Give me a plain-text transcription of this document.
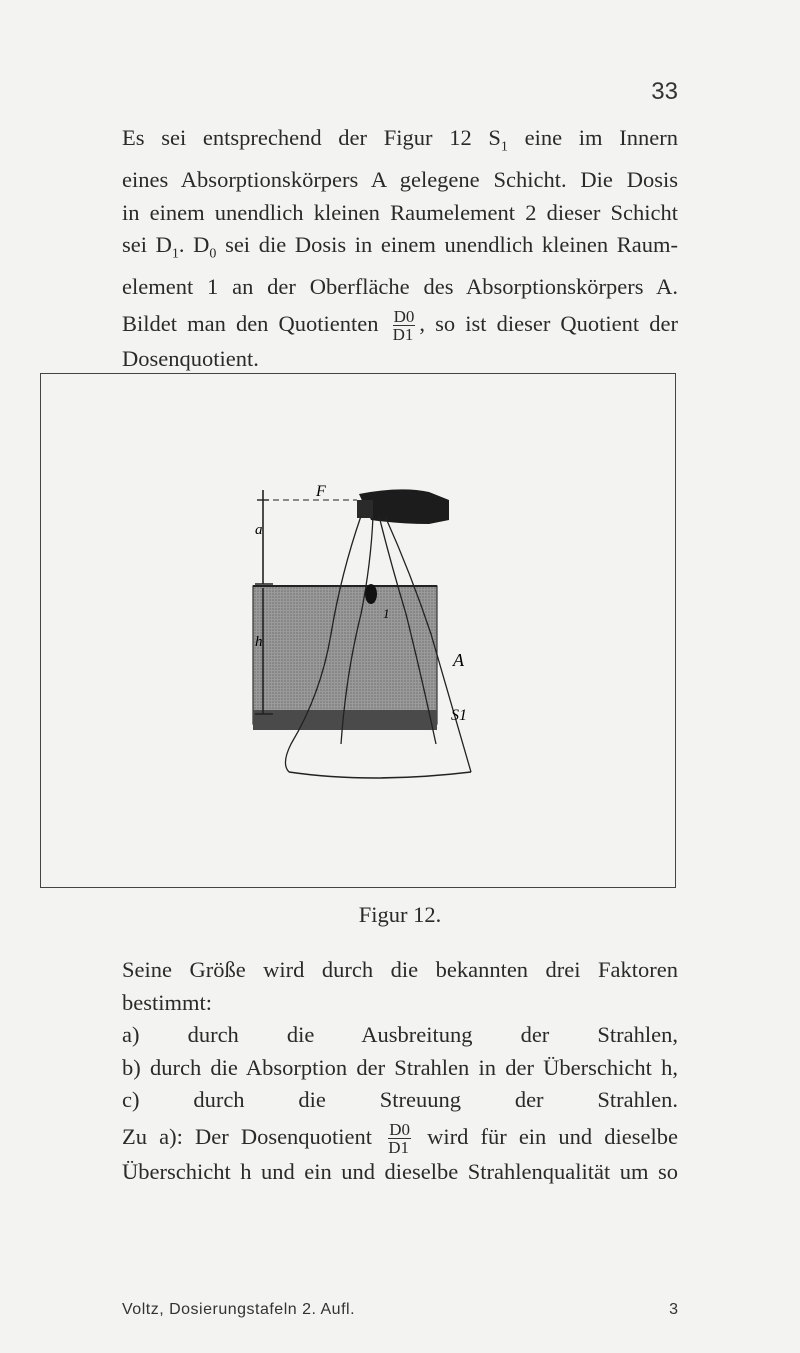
33
Es sei entsprechend der Figur 12 $S_1$ eine im Innern
eines Absorptionskörpers A gelegene Schicht. Die Dosis
in einem unendlich kleinen Raumelement 2 dieser Schicht
sei $D_1$. $D_0$ sei die Dosis in einem unendlich kleinen Raum-
element 1 an der Oberfläche des Absorptionskörpers A.
Bildet man den Quotienten $\frac{D0}{D1}$ , so ist dieser Quotient der
Dosenquotient.
F
a
h
A
S1
1
Figur 12.
Seine Größe wird durch die bekannten drei Faktoren
bestimmt:
a) durch die Ausbreitung der Strahlen,
b) durch die Absorption der Strahlen in der Überschicht h,
c) durch die Streuung der Strahlen.
Zu a): Der Dosenquotient $\frac{D0}{D1}$ wird für ein und dieselbe
Überschicht h und ein und dieselbe Strahlenqualität um so
Voltz, Dosierungstafeln 2. Aufl.	3
